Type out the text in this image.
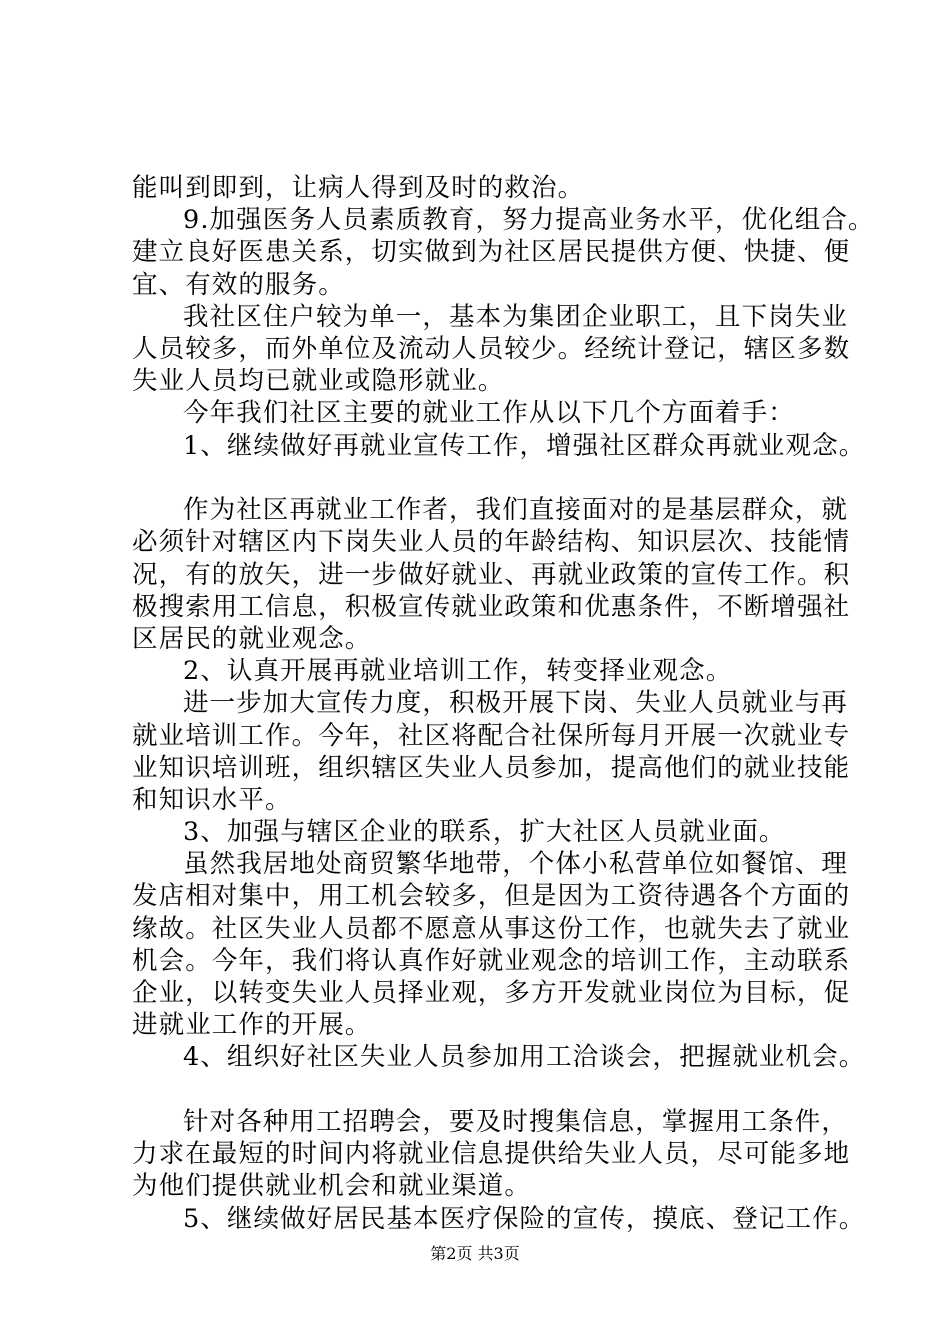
能叫到即到，让病人得到及时的救治。
9.加强医务人员素质教育，努力提高业务水平，优化组合。
建立良好医患关系，切实做到为社区居民提供方便、快捷、便
宜、有效的服务。
我社区住户较为单一，基本为集团企业职工，且下岗失业
人员较多，而外单位及流动人员较少。经统计登记，辖区多数
失业人员均已就业或隐形就业。
今年我们社区主要的就业工作从以下几个方面着手：
1、继续做好再就业宣传工作，增强社区群众再就业观念。
作为社区再就业工作者，我们直接面对的是基层群众，就
必须针对辖区内下岗失业人员的年龄结构、知识层次、技能情
况，有的放矢，进一步做好就业、再就业政策的宣传工作。积
极搜索用工信息，积极宣传就业政策和优惠条件，不断增强社
区居民的就业观念。
2、认真开展再就业培训工作，转变择业观念。
进一步加大宣传力度，积极开展下岗、失业人员就业与再
就业培训工作。今年，社区将配合社保所每月开展一次就业专
业知识培训班，组织辖区失业人员参加，提高他们的就业技能
和知识水平。
3、加强与辖区企业的联系，扩大社区人员就业面。
虽然我居地处商贸繁华地带，个体小私营单位如餐馆、理
发店相对集中，用工机会较多，但是因为工资待遇各个方面的
缘故。社区失业人员都不愿意从事这份工作，也就失去了就业
机会。今年，我们将认真作好就业观念的培训工作，主动联系
企业，以转变失业人员择业观，多方开发就业岗位为目标，促
进就业工作的开展。
4、组织好社区失业人员参加用工洽谈会，把握就业机会。
针对各种用工招聘会，要及时搜集信息，掌握用工条件，
力求在最短的时间内将就业信息提供给失业人员，尽可能多地
为他们提供就业机会和就业渠道。
5、继续做好居民基本医疗保险的宣传，摸底、登记工作。
第2页 共3页
